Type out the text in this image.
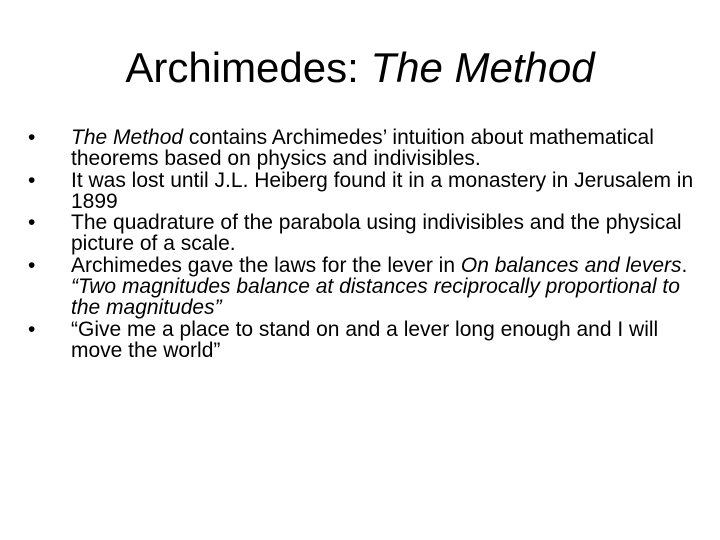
Archimedes: The Method
• The Method contains Archimedes’ intuition about mathematical theorems based on physics and indivisibles.
• It was lost until J.L. Heiberg found it in a monastery in Jerusalem in 1899
• The quadrature of the parabola using indivisibles and the physical picture of a scale.
• Archimedes gave the laws for the lever in On balances and levers.
“Two magnitudes balance at distances reciprocally proportional to the magnitudes”
• “Give me a place to stand on and a lever long enough and I will move the world”
